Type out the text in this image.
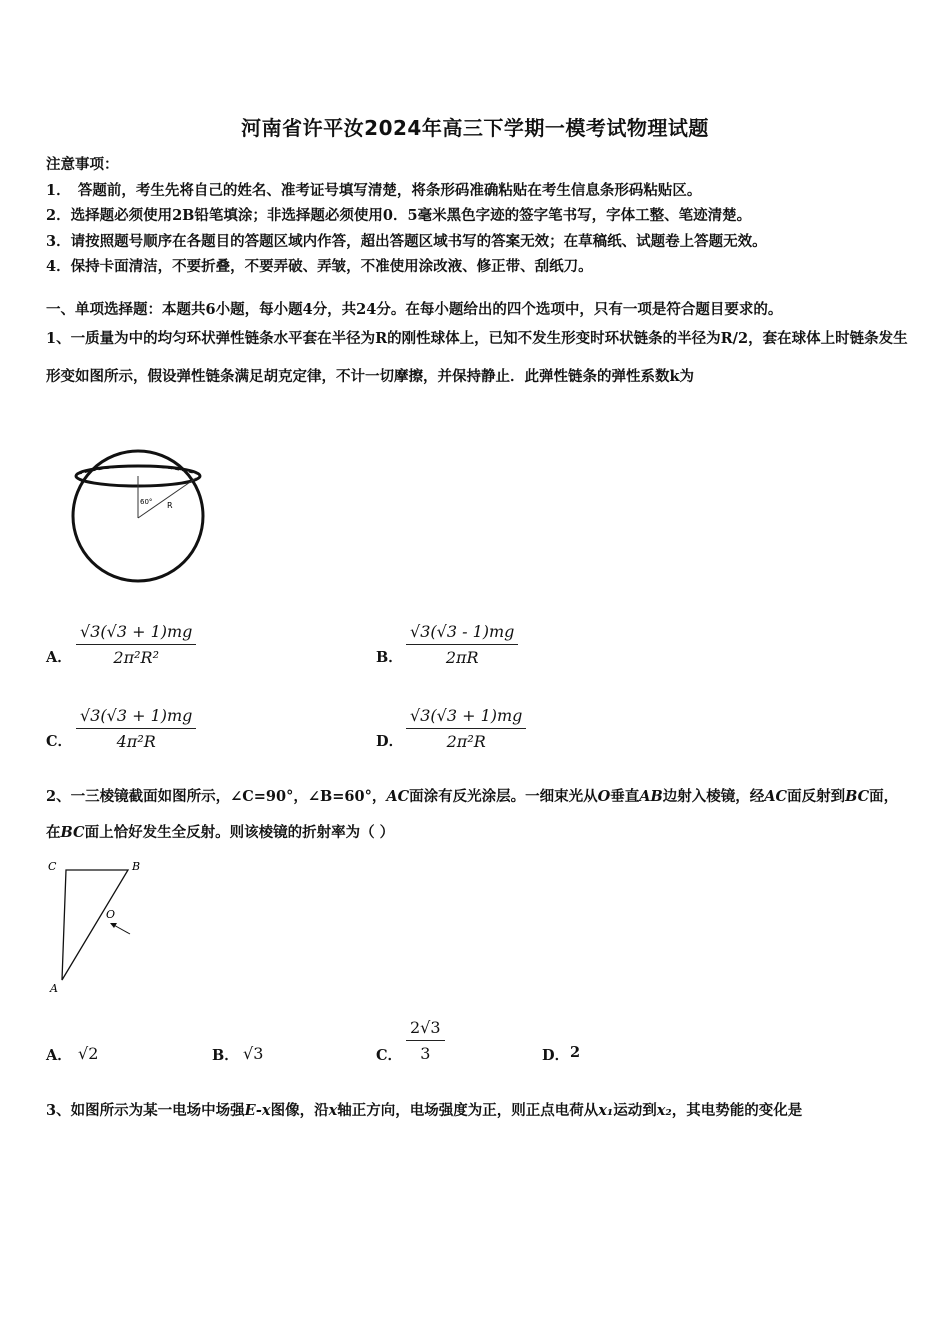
河南省许平汝2024年高三下学期一模考试物理试题
注意事项：
1．　答题前，考生先将自己的姓名、准考证号填写清楚，将条形码准确粘贴在考生信息条形码粘贴区。
2．选择题必须使用2B铅笔填涂；非选择题必须使用0．5毫米黑色字迹的签字笔书写，字体工整、笔迹清楚。
3．请按照题号顺序在各题目的答题区域内作答，超出答题区域书写的答案无效；在草稿纸、试题卷上答题无效。
4．保持卡面清洁，不要折叠，不要弄破、弄皱，不准使用涂改液、修正带、刮纸刀。
一、单项选择题：本题共6小题，每小题4分，共24分。在每小题给出的四个选项中，只有一项是符合题目要求的。
1、一质量为中的均匀环状弹性链条水平套在半径为R的刚性球体上，已知不发生形变时环状链条的半径为R/2，套在球体上时链条发生形变如图所示，假设弹性链条满足胡克定律，不计一切摩擦，并保持静止．此弹性链条的弹性系数k为
60° R
A． $\frac{√3(√3 + 1)mg}{\text{2π²R²}}$	B． $\frac{√3(√3 - 1)mg}{2\pi R}$
C． $\frac{√3(√3 + 1)mg}{\text{4π²R}}$	D． $\frac{√3(√3 + 1)mg}{\text{2π²R}}$
2、一三棱镜截面如图所示，∠C=90°，∠B=60°，AC面涂有反光涂层。一细束光从O垂直AB边射入棱镜，经AC面反射到BC面，在BC面上恰好发生全反射。则该棱镜的折射率为（ ）
C	B
A
O
A． √2	B． √3	C． $\frac{2√3}{3}$	D． 2
3、如图所示为某一电场中场强E-x图像，沿x轴正方向，电场强度为正，则正点电荷从x₁运动到x₂，其电势能的变化是
